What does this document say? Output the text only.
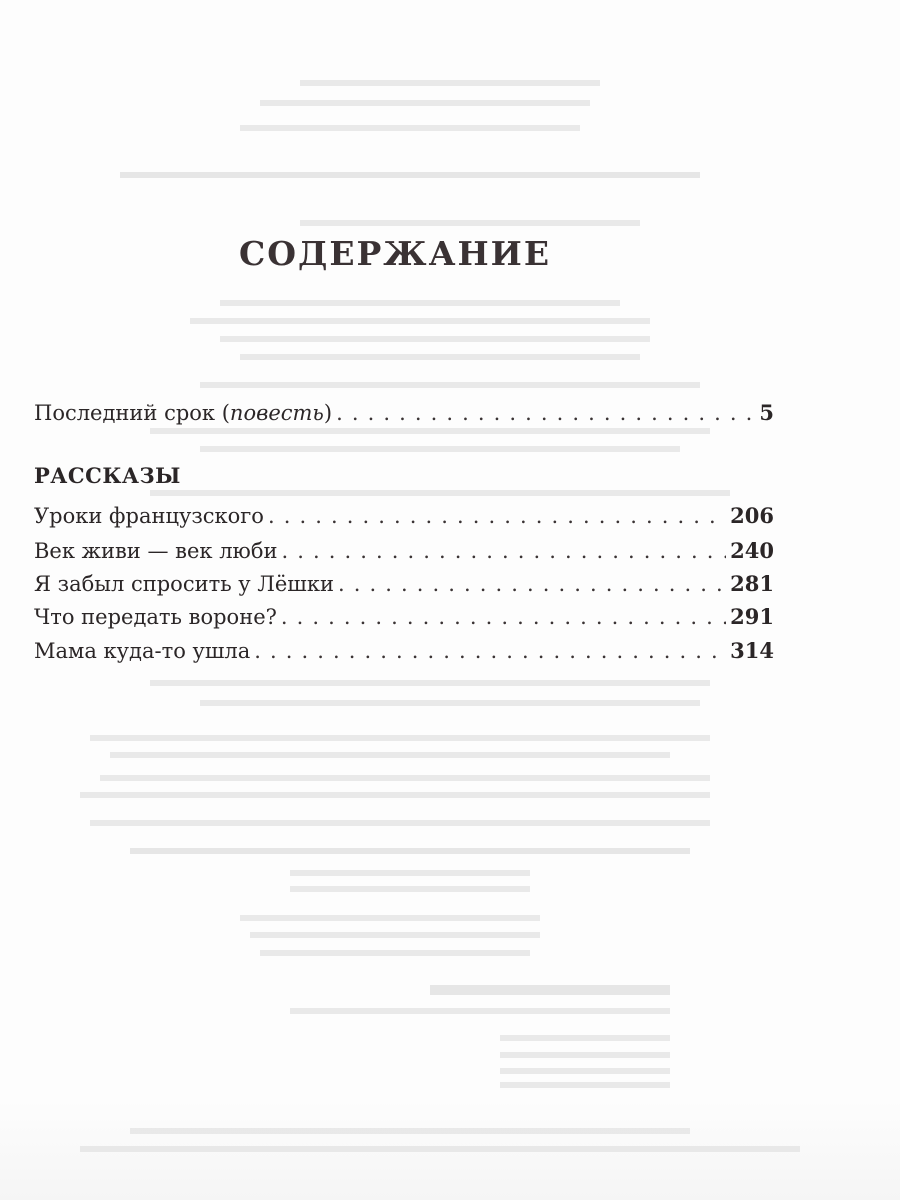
СОДЕРЖАНИЕ
Последний срок (повесть) . . .	5
РАССКАЗЫ
Уроки французского . . .	206
Век живи — век люби . . .	240
Я забыл спросить у Лёшки . . .	281
Что передать вороне? . . .	291
Мама куда-то ушла . . .	314
